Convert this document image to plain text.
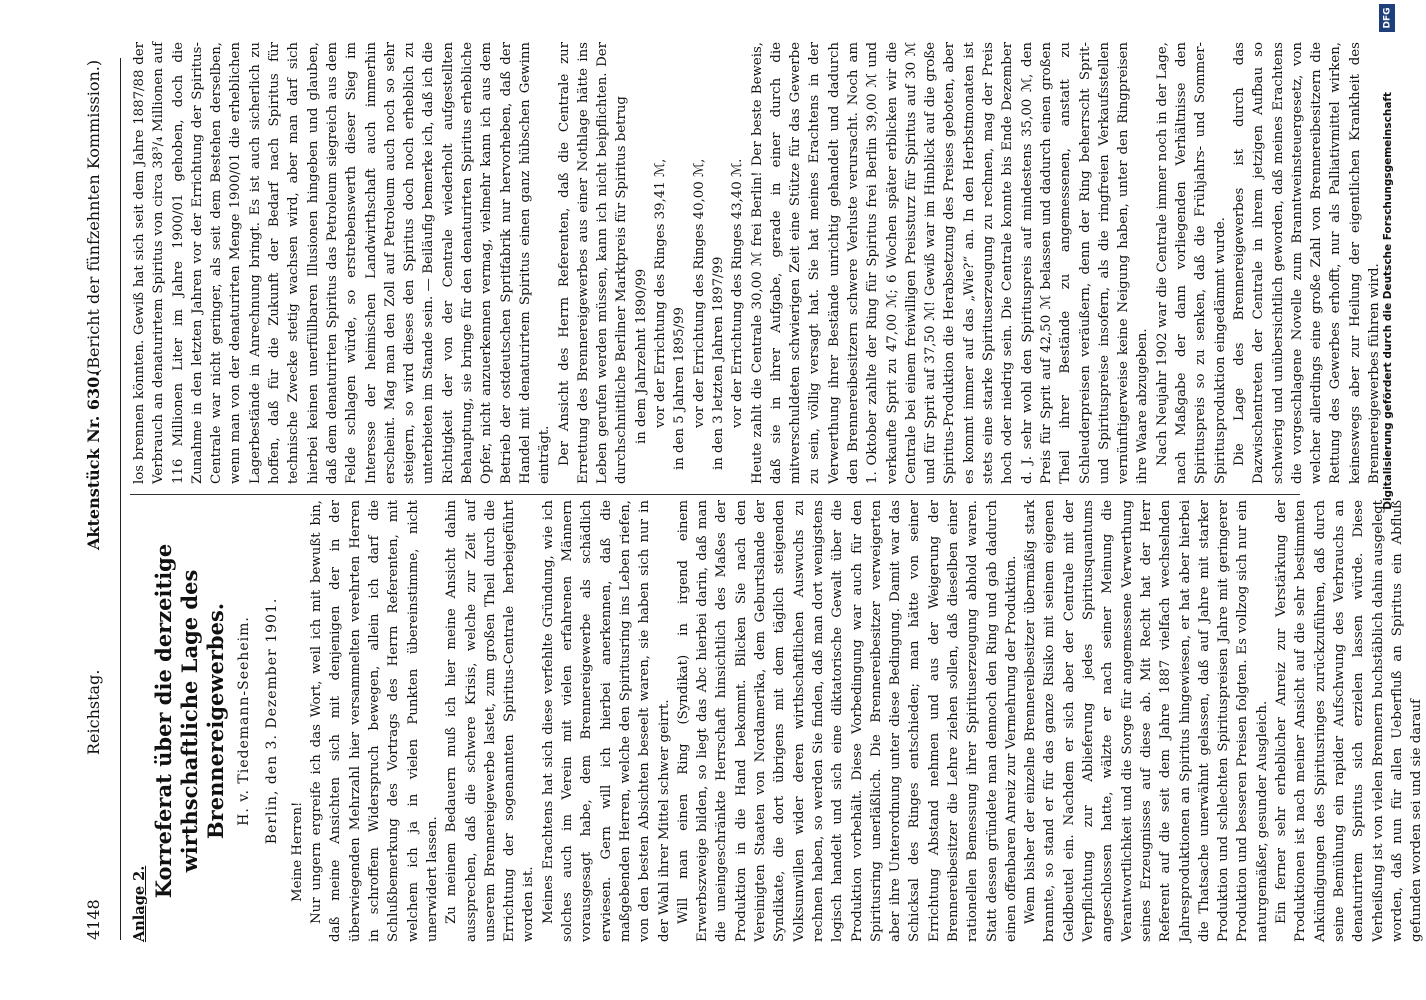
4148
Reichstag.
Aktenstück Nr. 630.
(Bericht der fünfzehnten Kommission.)
Anlage 2.
Korreferat über die derzeitige wirthschaftliche Lage des Brennereigewerbes. H. v. Tiedemann-Seeheim. Berlin, den 3. Dezember 1901.

Meine Herren! Nur ungern ergreife ich das Wort, weil ich mit bewußt bin, daß meine Ansichten sich mit denjenigen der in der überwiegenden Mehrzahl hier versammelten verehrten Herren in schroffem Widerspruch bewegen, allein ich darf die Schlußbemerkung des Vortrags des Herrn Referenten, mit welchem ich ja in vielen Punkten übereinstimme, nicht unerwidert lassen. Zu meinem Bedauern muß ich hier meine Ansicht dahin aussprechen, daß die schwere Krisis, welche zur Zeit auf unserem Brennereigewerbe lastet, zum großen Theil durch die Errichtung der sogenannten Spiritus-Centrale herbeigeführt worden ist. Meines Erachtens hat sich diese verfehlte Gründung, wie ich solches auch im Verein mit vielen erfahrenen Männern vorausgesagt habe, dem Brennereigewerbe als schädlich erwiesen. Gern will ich hierbei anerkennen, daß die maßgebenden Herren, welche den Spiritusring ins Leben riefen, von den besten Absichten beseelt waren, sie haben sich nur in der Wahl ihrer Mittel schwer geirrt. Will man einen Ring (Syndikat) in irgend einem Erwerbszweige bilden, so liegt das Abc hierbei darin, daß man die uneingeschränkte Herrschaft hinsichtlich des Maßes der Produktion in die Hand bekommt. Blicken Sie nach den Vereinigten Staaten von Nordamerika, dem Geburtslande der Syndikate, die dort übrigens mit dem täglich steigenden Volksunwillen wider deren wirthschaftlichen Auswuchs zu rechnen haben, so werden Sie finden, daß man dort wenigstens logisch handelt und sich eine diktatorische Gewalt über die Produktion vorbehält. Diese Vorbedingung war auch für den Spiritusring unerläßlich. Die Brennereibesitzer verweigerten aber ihre Unterordnung unter diese Bedingung. Damit war das Schicksal des Ringes entschieden; man hätte von seiner Errichtung Abstand nehmen und aus der Weigerung der Brennereibesitzer die Lehre ziehen sollen, daß dieselben einer rationellen Bemessung ihrer Spirituserzeugung abhold waren. Statt dessen gründete man dennoch den Ring und gab dadurch einen offenbaren Anreiz zur Vermehrung der Produktion. Wenn bisher der einzelne Brennereibesitzer übermäßig stark brannte, so stand er für das ganze Risiko mit seinem eigenen Geldbeutel ein. Nachdem er sich aber der Centrale mit der Verpflichtung zur Ablieferung jedes Spiritusquantums angeschlossen hatte, wälzte er nach seiner Meinung die Verantwortlichkeit und die Sorge für angemessene Verwerthung seines Erzeugnisses auf diese ab. Mit Recht hat der Herr Referent auf die seit dem Jahre 1887 vielfach wechselnden Jahresproduktionen an Spiritus hingewiesen, er hat aber hierbei die Thatsache unerwähnt gelassen, daß auf Jahre mit starker Produktion und schlechten Spirituspreisen Jahre mit geringerer Produktion und besseren Preisen folgten. Es vollzog sich nur ein naturgemäßer, gesunder Ausgleich. Ein ferner sehr erheblicher Anreiz zur Verstärkung der Produktionen ist nach meiner Ansicht auf die sehr bestimmten Ankündigungen des Spiritusringes zurückzuführen, daß durch seine Bemühung ein rapider Aufschwung des Verbrauchs an denaturirtem Spiritus sich erzielen lassen würde. Diese Verheißung ist von vielen Brennern buchstäblich dahin ausgelegt worden, daß nun für allen Ueberfluß an Spiritus ein Abfluß gefunden worden sei und sie darauf

los brennen könnten. Gewiß hat sich seit dem Jahre 1887/88 der Verbrauch an denaturirtem Spiritus von circa 38³/₄ Millionen auf 116 Millionen Liter im Jahre 1900/01 gehoben, doch die Zunahme in den letzten Jahren vor der Errichtung der Spiritus-Centrale war nicht geringer, als seit dem Bestehen derselben, wenn man von der denaturirten Menge 1900/01 die erheblichen Lagerbestände in Anrechnung bringt. Es ist auch sicherlich zu hoffen, daß für die Zukunft der Bedarf nach Spiritus für technische Zwecke stetig wachsen wird, aber man darf sich hierbei keinen unerfüllbaren Illusionen hingeben und glauben, daß dem denaturirten Spiritus das Petroleum siegreich aus dem Felde schlagen würde, so erstrebenswerth dieser Sieg im Interesse der heimischen Landwirthschaft auch immerhin erscheint. Mag man den Zoll auf Petroleum auch noch so sehr steigern, so wird dieses den Spiritus doch noch erheblich zu unterbieten im Stande sein. — Beiläufig bemerke ich, daß ich die Richtigkeit der von der Centrale wiederholt aufgestellten Behauptung, sie bringe für den denaturirten Spiritus erhebliche Opfer, nicht anzuerkennen vermag, vielmehr kann ich aus dem Betrieb der ostdeutschen Spritfabrik nur hervorheben, daß der Handel mit denaturirtem Spiritus einen ganz hübschen Gewinn einträgt. Der Ansicht des Herrn Referenten, daß die Centrale zur Errettung des Brennereigewerbes aus einer Nothlage hätte ins Leben gerufen werden müssen, kann ich nicht beipflichten. Der durchschnittliche Berliner Marktpreis für Spiritus betrug in dem Jahrzehnt 1890/99 vor der Errichtung des Ringes 39,41 ℳ, in den 5 Jahren 1895/99 vor der Errichtung des Ringes 40,00 ℳ, in den 3 letzten Jahren 1897/99 vor der Errichtung des Ringes 43,40 ℳ. Heute zahlt die Centrale 30,00 ℳ frei Berlin! Der beste Beweis, daß sie in ihrer Aufgabe, gerade in einer durch die mitverschuldeten schwierigen Zeit eine Stütze für das Gewerbe zu sein, völlig versagt hat. Sie hat meines Erachtens in der Verwerthung ihrer Bestände unrichtig gehandelt und dadurch den Brennereibesitzern schwere Verluste verursacht. Noch am 1. Oktober zahlte der Ring für Spiritus frei Berlin 39,00 ℳ und verkaufte Sprit zu 47,00 ℳ; 6 Wochen später erblicken wir die Centrale bei einem freiwilligen Preissturz für Spiritus auf 30 ℳ und für Sprit auf 37,50 ℳ! Gewiß war im Hinblick auf die große Spiritus-Produktion die Herabsetzung des Preises geboten, aber es kommt immer auf das „Wie?“ an. In den Herbstmonaten ist stets eine starke Spirituserzeugung zu rechnen, mag der Preis hoch oder niedrig sein. Die Centrale konnte bis Ende Dezember d. J. sehr wohl den Spirituspreis auf mindestens 35,00 ℳ, den Preis für Sprit auf 42,50 ℳ belassen und dadurch einen großen Theil ihrer Bestände zu angemessenen, anstatt zu Schleuderpreisen veräußern, denn der Ring beherrscht Sprit- und Spirituspreise insofern, als die ringfreien Verkaufsstellen vernünftigerweise keine Neigung haben, unter den Ringpreisen ihre Waare abzugeben. Nach Neujahr 1902 war die Centrale immer noch in der Lage, nach Maßgabe der dann vorliegenden Verhältnisse den Spirituspreis so zu senken, daß die Frühjahrs- und Sommer-Spiritusproduktion eingedämmt wurde. Die Lage des Brennereigewerbes ist durch das Dazwischentreten der Centrale in ihrem jetzigen Aufbau so schwierig und unübersichtlich geworden, daß meines Erachtens die vorgeschlagene Novelle zum Branntweinsteuergesetz, von welcher allerdings eine große Zahl von Brennereibesitzern die Rettung des Gewerbes erhofft, nur als Palliativmittel wirken, keineswegs aber zur Heilung der eigentlichen Krankheit des Brennereigewerbes führen wird.

DFG
Digitalisierung gefördert durch die Deutsche Forschungsgemeinschaft
